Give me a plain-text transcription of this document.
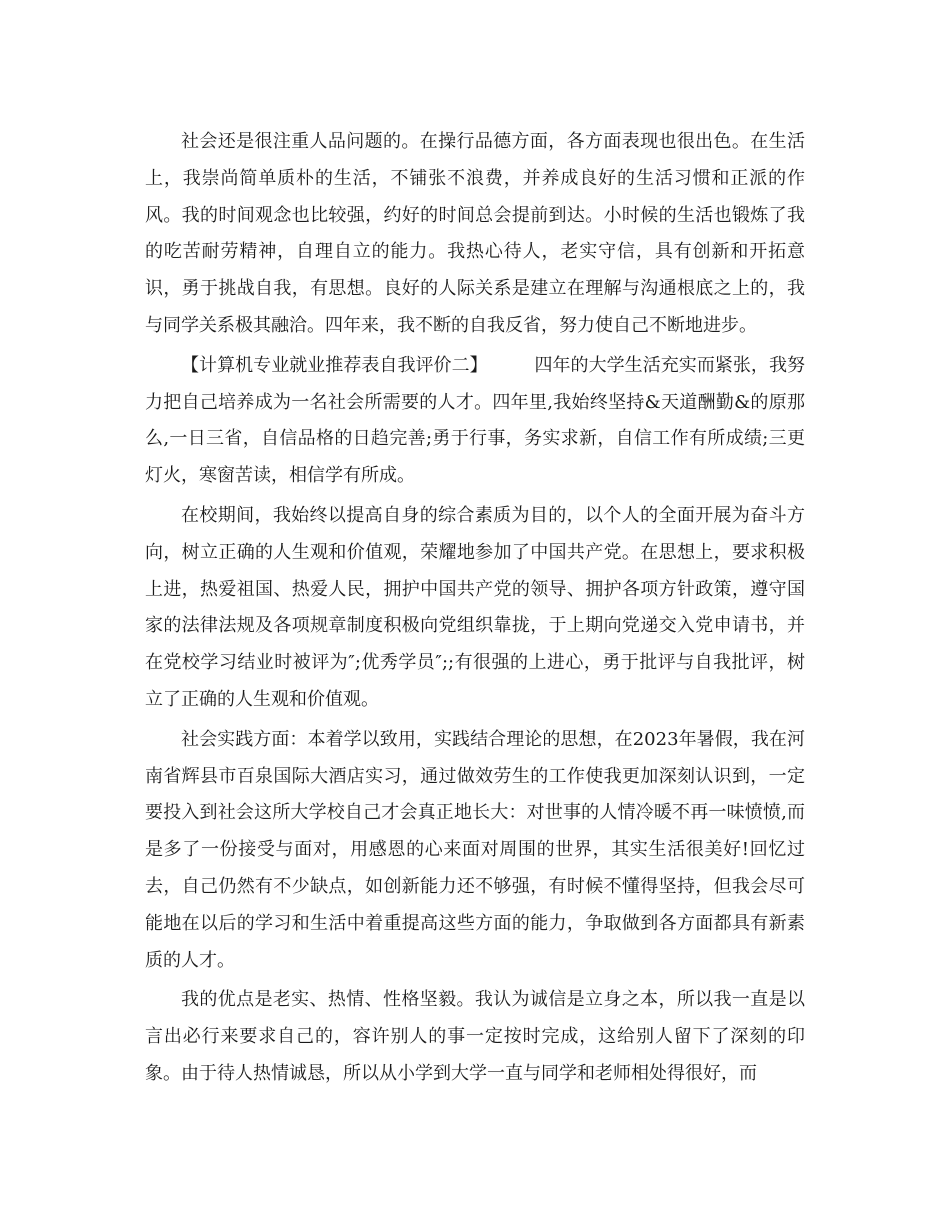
社会还是很注重人品问题的。在操行品德方面，各方面表现也很出色。在生活上，我崇尚简单质朴的生活，不铺张不浪费，并养成良好的生活习惯和正派的作风。我的时间观念也比较强，约好的时间总会提前到达。小时候的生活也锻炼了我的吃苦耐劳精神，自理自立的能力。我热心待人，老实守信，具有创新和开拓意识，勇于挑战自我，有思想。良好的人际关系是建立在理解与沟通根底之上的，我与同学关系极其融洽。四年来，我不断的自我反省，努力使自己不断地进步。

【计算机专业就业推荐表自我评价二】	四年的大学生活充实而紧张，我努力把自己培养成为一名社会所需要的人才。四年里,我始终坚持&天道酬勤&的原那么,一日三省，自信品格的日趋完善;勇于行事，务实求新，自信工作有所成绩;三更灯火，寒窗苦读，相信学有所成。

在校期间，我始终以提高自身的综合素质为目的，以个人的全面开展为奋斗方向，树立正确的人生观和价值观，荣耀地参加了中国共产党。在思想上，要求积极上进，热爱祖国、热爱人民，拥护中国共产党的领导、拥护各项方针政策，遵守国家的法律法规及各项规章制度积极向党组织靠拢，于上期向党递交入党申请书，并在党校学习结业时被评为″;优秀学员″;;有很强的上进心，勇于批评与自我批评，树立了正确的人生观和价值观。

社会实践方面：本着学以致用，实践结合理论的思想，在2023年暑假，我在河南省辉县市百泉国际大酒店实习，通过做效劳生的工作使我更加深刻认识到，一定要投入到社会这所大学校自己才会真正地长大：对世事的人情冷暖不再一味愤愤,而是多了一份接受与面对，用感恩的心来面对周围的世界，其实生活很美好!回忆过去，自己仍然有不少缺点，如创新能力还不够强，有时候不懂得坚持，但我会尽可能地在以后的学习和生活中着重提高这些方面的能力，争取做到各方面都具有新素质的人才。

我的优点是老实、热情、性格坚毅。我认为诚信是立身之本，所以我一直是以言出必行来要求自己的，容许别人的事一定按时完成，这给别人留下了深刻的印象。由于待人热情诚恳，所以从小学到大学一直与同学和老师相处得很好，而
